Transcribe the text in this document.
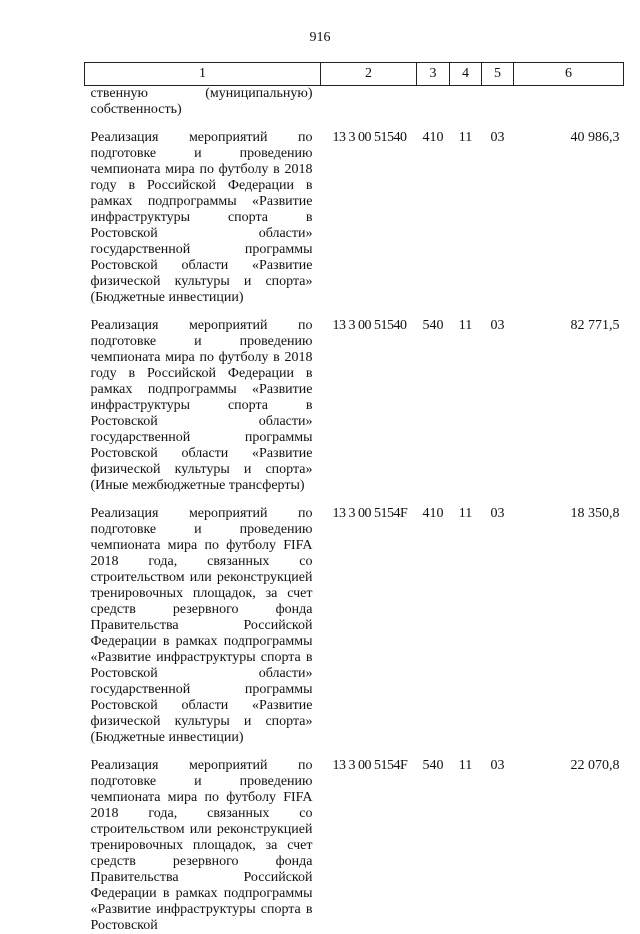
916
1	2	3	4	5	6
ственную (муниципальную) собственность)					
Реализация мероприятий по подготовке и проведению чемпионата мира по футболу в 2018 году в Российской Федерации в рамках подпрограммы «Развитие инфраструктуры спорта в Ростовской области» государственной программы Ростовской области «Развитие физической культуры и спорта» (Бюджетные инвестиции)	13 3 00 51540	410	11	03	40 986,3
Реализация мероприятий по подготовке и проведению чемпионата мира по футболу в 2018 году в Российской Федерации в рамках подпрограммы «Развитие инфраструктуры спорта в Ростовской области» государственной программы Ростовской области «Развитие физической культуры и спорта» (Иные межбюджетные трансферты)	13 3 00 51540	540	11	03	82 771,5
Реализация мероприятий по подготовке и проведению чемпионата мира по футболу FIFA 2018 года, связанных со строительством или реконструкцией тренировочных площадок, за счет средств резервного фонда Правительства Российской Федерации в рамках подпрограммы «Развитие инфраструктуры спорта в Ростовской области» государственной программы Ростовской области «Развитие физической культуры и спорта» (Бюджетные инвестиции)	13 3 00 5154F	410	11	03	18 350,8
Реализация мероприятий по подготовке и проведению чемпионата мира по футболу FIFA 2018 года, связанных со строительством или реконструкцией тренировочных площадок, за счет средств резервного фонда Правительства Российской Федерации в рамках подпрограммы «Развитие инфраструктуры спорта в Ростовской	13 3 00 5154F	540	11	03	22 070,8
